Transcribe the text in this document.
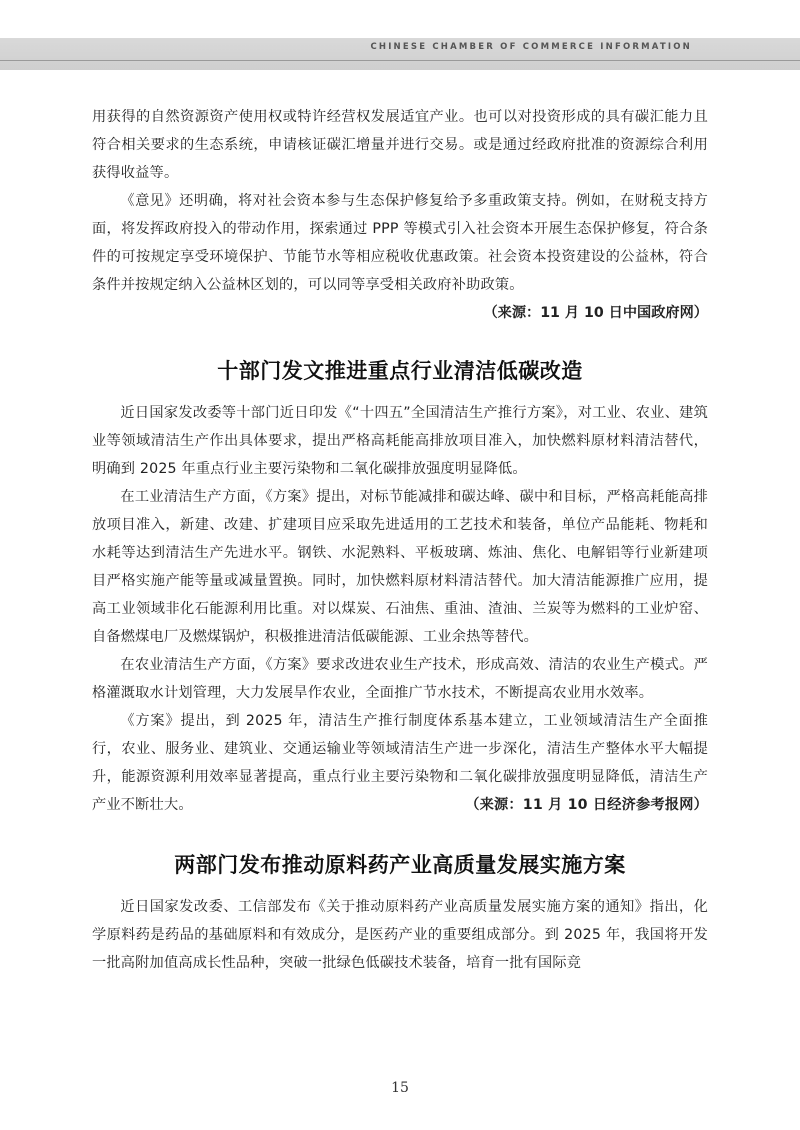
CHINESE CHAMBER OF COMMERCE INFORMATION

用获得的自然资源资产使用权或特许经营权发展适宜产业。也可以对投资形成的具有碳汇能力且符合相关要求的生态系统，申请核证碳汇增量并进行交易。或是通过经政府批准的资源综合利用获得收益等。

《意见》还明确，将对社会资本参与生态保护修复给予多重政策支持。例如，在财税支持方面，将发挥政府投入的带动作用，探索通过 PPP 等模式引入社会资本开展生态保护修复，符合条件的可按规定享受环境保护、节能节水等相应税收优惠政策。社会资本投资建设的公益林，符合条件并按规定纳入公益林区划的，可以同等享受相关政府补助政策。

（来源：11 月 10 日中国政府网）

十部门发文推进重点行业清洁低碳改造

近日国家发改委等十部门近日印发《“十四五”全国清洁生产推行方案》，对工业、农业、建筑业等领域清洁生产作出具体要求，提出严格高耗能高排放项目准入，加快燃料原材料清洁替代，明确到 2025 年重点行业主要污染物和二氧化碳排放强度明显降低。

在工业清洁生产方面，《方案》提出，对标节能减排和碳达峰、碳中和目标，严格高耗能高排放项目准入，新建、改建、扩建项目应采取先进适用的工艺技术和装备，单位产品能耗、物耗和水耗等达到清洁生产先进水平。钢铁、水泥熟料、平板玻璃、炼油、焦化、电解铝等行业新建项目严格实施产能等量或减量置换。同时，加快燃料原材料清洁替代。加大清洁能源推广应用，提高工业领域非化石能源利用比重。对以煤炭、石油焦、重油、渣油、兰炭等为燃料的工业炉窑、自备燃煤电厂及燃煤锅炉，积极推进清洁低碳能源、工业余热等替代。

在农业清洁生产方面，《方案》要求改进农业生产技术，形成高效、清洁的农业生产模式。严格灌溉取水计划管理，大力发展旱作农业，全面推广节水技术，不断提高农业用水效率。

《方案》提出，到 2025 年，清洁生产推行制度体系基本建立，工业领域清洁生产全面推行，农业、服务业、建筑业、交通运输业等领域清洁生产进一步深化，清洁生产整体水平大幅提升，能源资源利用效率显著提高，重点行业主要污染物和二氧化碳排放强度明显降低，清洁生产产业不断壮大。	（来源：11 月 10 日经济参考报网）

两部门发布推动原料药产业高质量发展实施方案

近日国家发改委、工信部发布《关于推动原料药产业高质量发展实施方案的通知》指出，化学原料药是药品的基础原料和有效成分，是医药产业的重要组成部分。到 2025 年，我国将开发一批高附加值高成长性品种，突破一批绿色低碳技术装备，培育一批有国际竞

15
